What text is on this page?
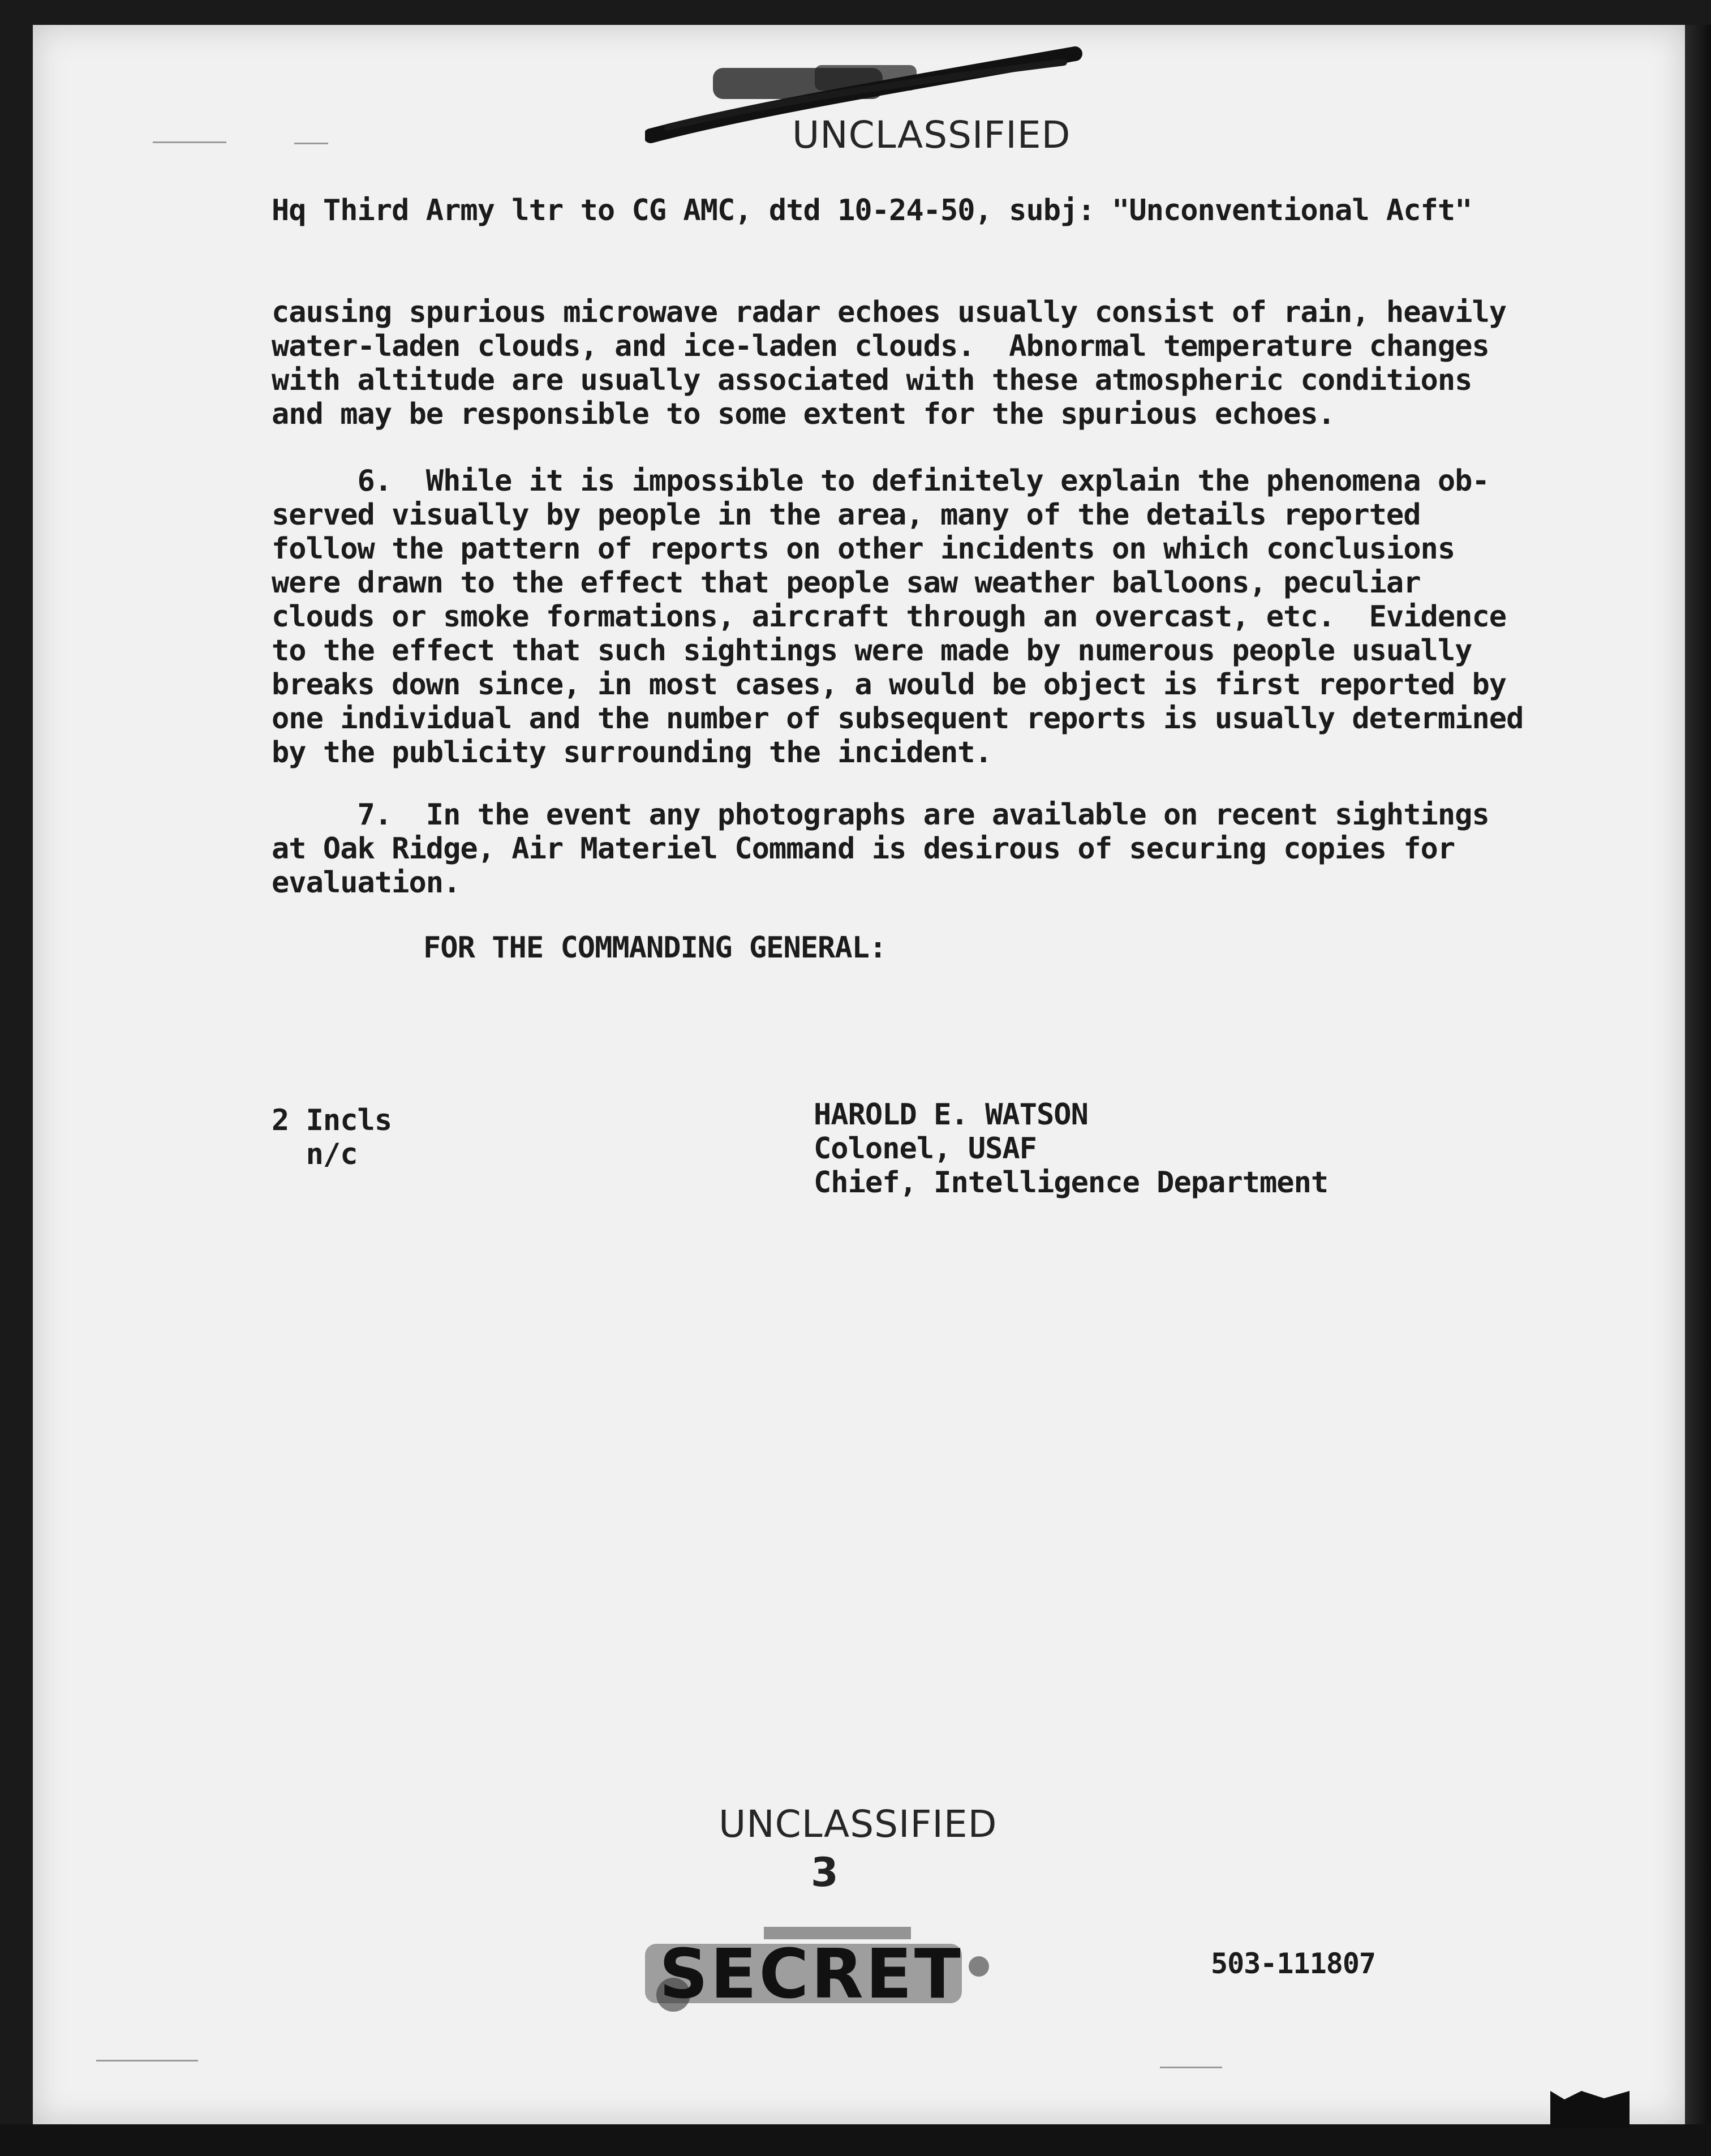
UNCLASSIFIED
Hq Third Army ltr to CG AMC, dtd 10-24-50, subj: "Unconventional Acft"
causing spurious microwave radar echoes usually consist of rain, heavily
water-laden clouds, and ice-laden clouds.  Abnormal temperature changes
with altitude are usually associated with these atmospheric conditions
and may be responsible to some extent for the spurious echoes.
6.  While it is impossible to definitely explain the phenomena ob-
served visually by people in the area, many of the details reported
follow the pattern of reports on other incidents on which conclusions
were drawn to the effect that people saw weather balloons, peculiar
clouds or smoke formations, aircraft through an overcast, etc.  Evidence
to the effect that such sightings were made by numerous people usually
breaks down since, in most cases, a would be object is first reported by
one individual and the number of subsequent reports is usually determined
by the publicity surrounding the incident.
7.  In the event any photographs are available on recent sightings
at Oak Ridge, Air Materiel Command is desirous of securing copies for
evaluation.
FOR THE COMMANDING GENERAL:
2 Incls
n/c
HAROLD E. WATSON
Colonel, USAF
Chief, Intelligence Department
UNCLASSIFIED
3
SECRET	503-111807
